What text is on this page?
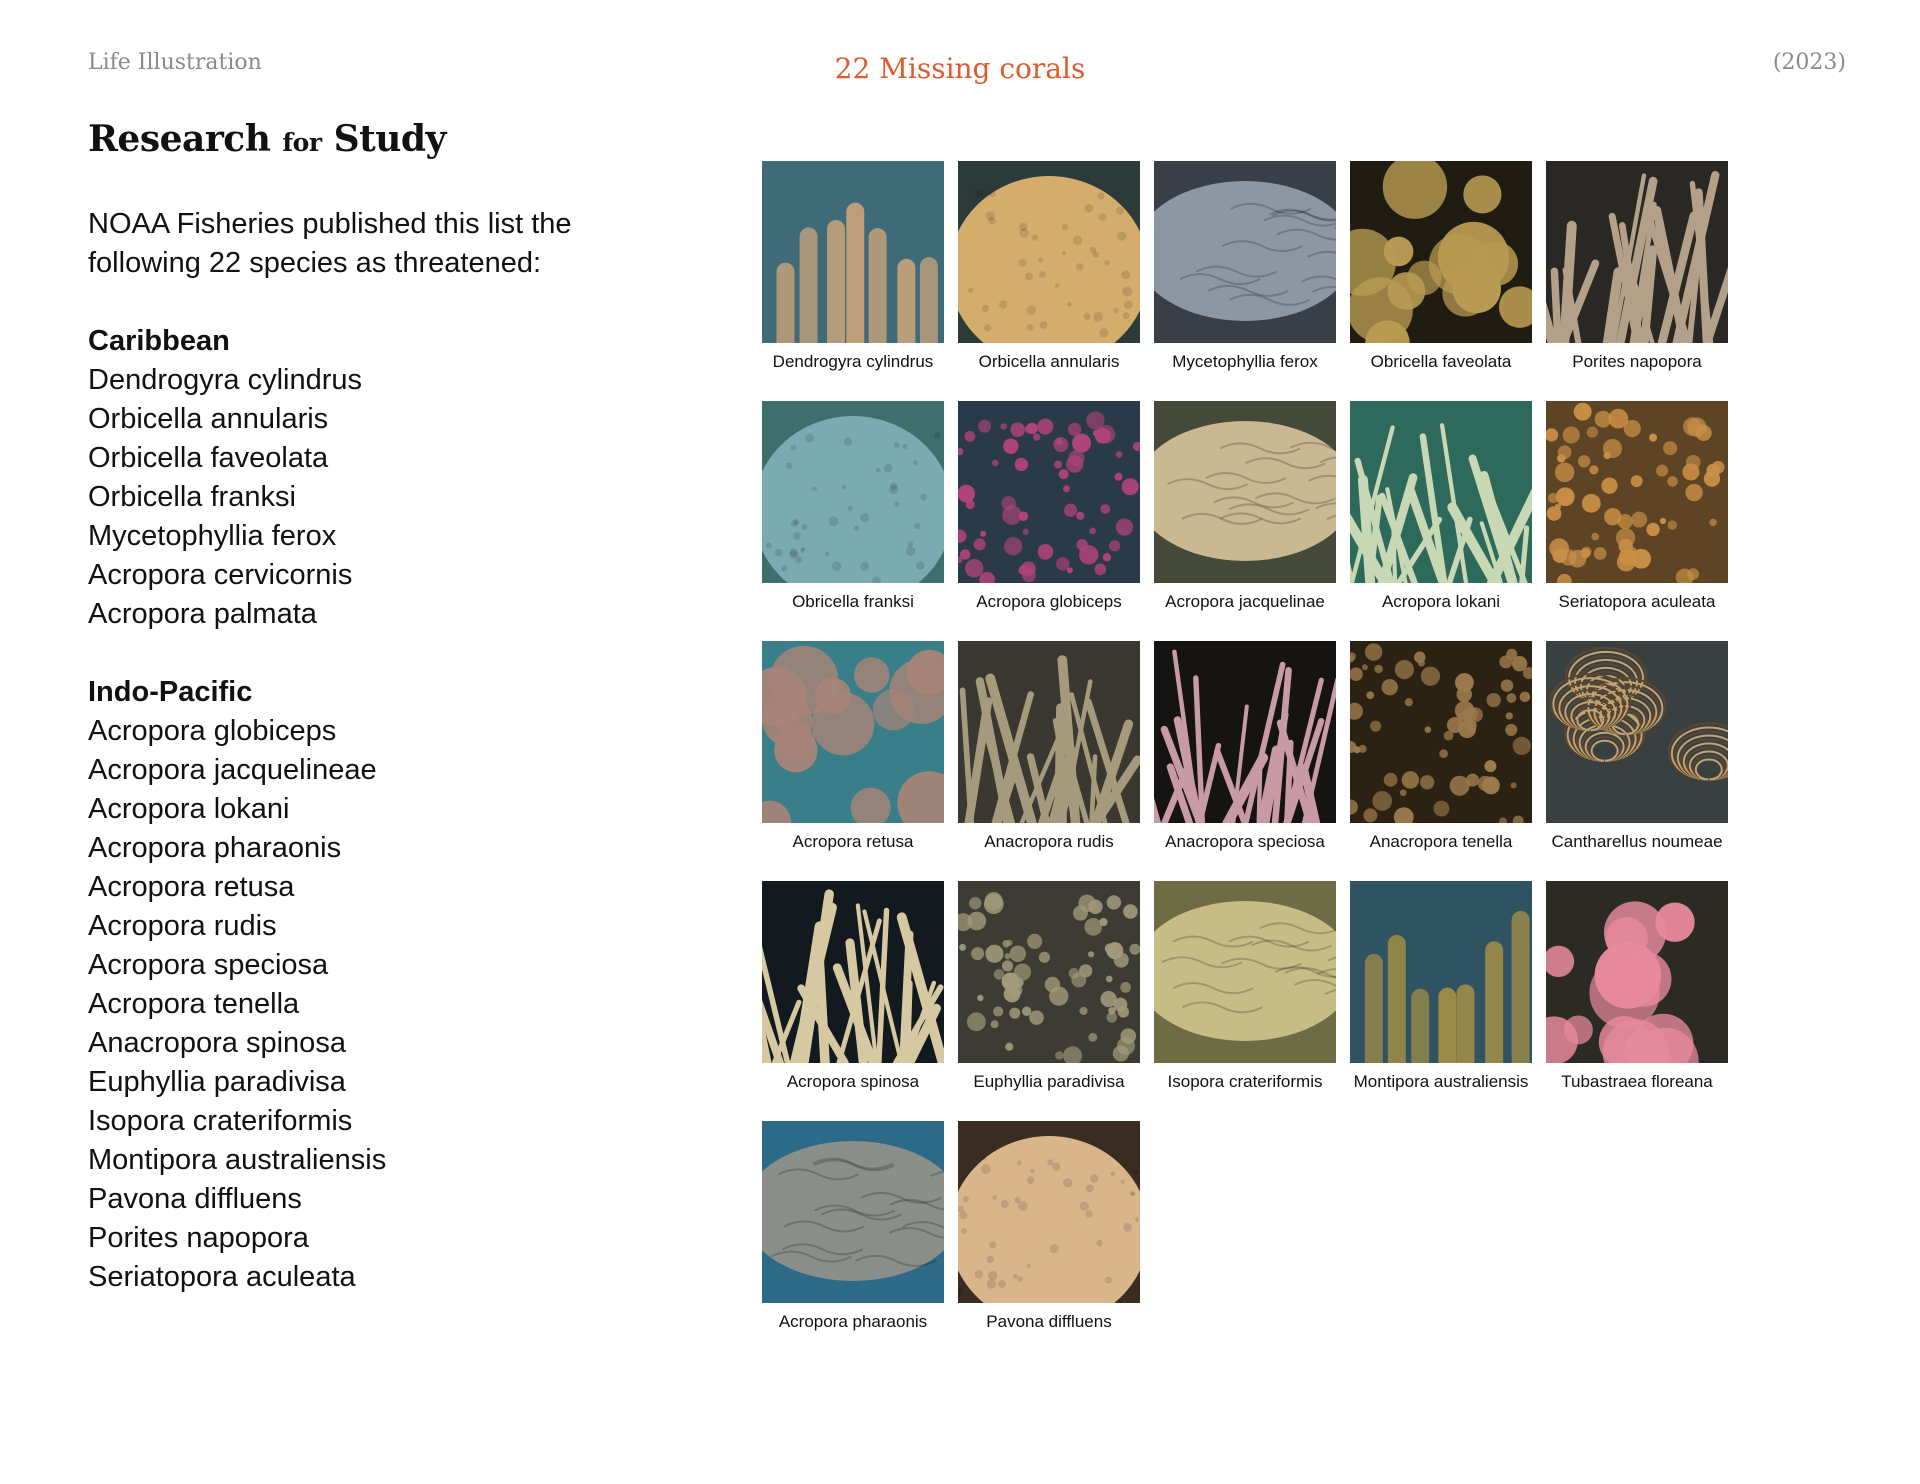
Life Illustration	22 Missing corals	(2023)
Research for Study
NOAA Fisheries published this list the following 22 species as threatened:
Caribbean
Dendrogyra cylindrus
Orbicella annularis
Orbicella faveolata
Orbicella franksi
Mycetophyllia ferox
Acropora cervicornis
Acropora palmata
Indo-Pacific
Acropora globiceps
Acropora jacquelineae
Acropora lokani
Acropora pharaonis
Acropora retusa
Acropora rudis
Acropora speciosa
Acropora tenella
Anacropora spinosa
Euphyllia paradivisa
Isopora crateriformis
Montipora australiensis
Pavona diffluens
Porites napopora
Seriatopora aculeata
Dendrogyra cylindrus	Orbicella annularis	Mycetophyllia ferox	Obricella faveolata	Porites napopora
Obricella franksi	Acropora globiceps	Acropora jacquelinae	Acropora lokani	Seriatopora aculeata
Acropora retusa	Anacropora rudis	Anacropora speciosa	Anacropora tenella	Cantharellus noumeae
Acropora spinosa	Euphyllia paradivisa	Isopora crateriformis	Montipora australiensis	Tubastraea floreana
Acropora pharaonis	Pavona diffluens
